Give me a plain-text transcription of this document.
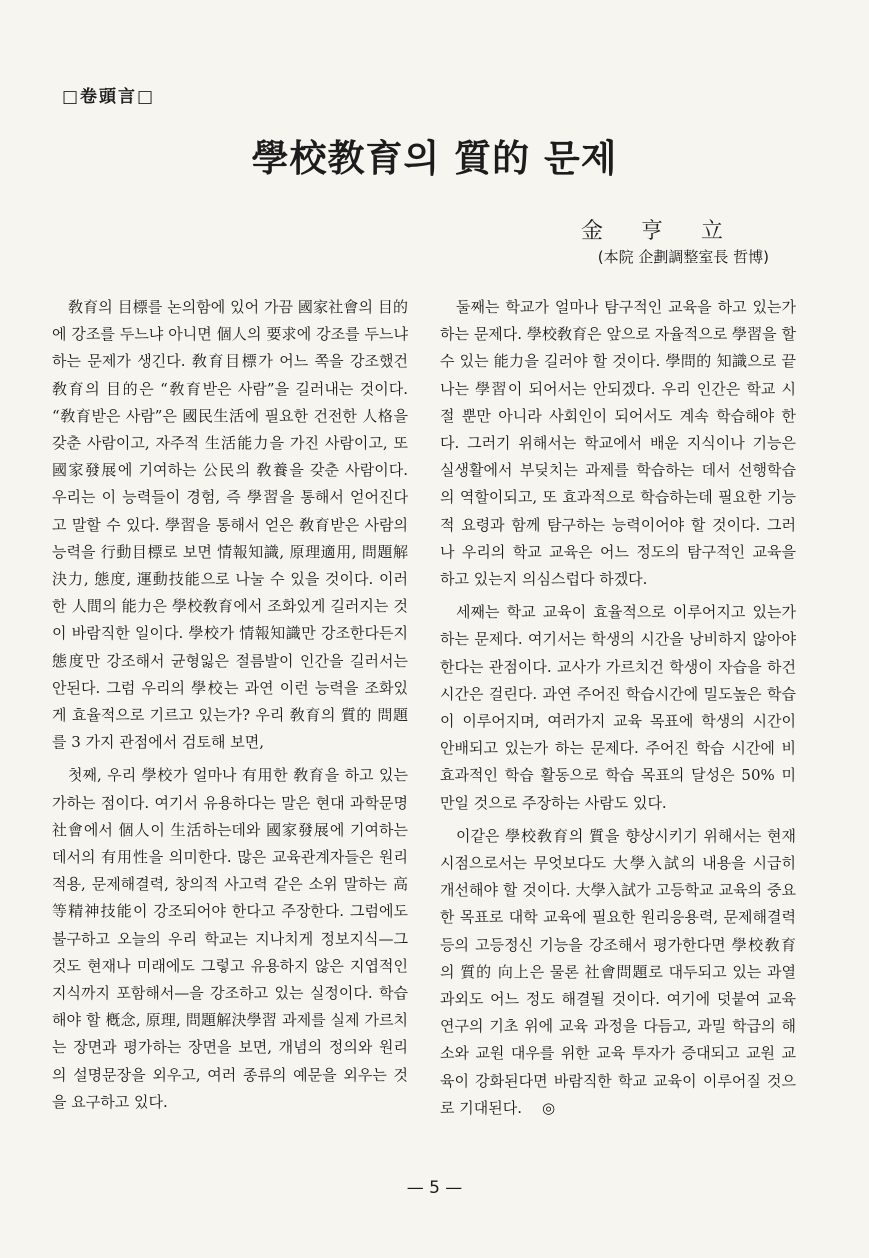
□卷頭言□
學校教育의 質的 문제
金亨立
(本院 企劃調整室長 哲博)

敎育의 目標를 논의함에 있어 가끔 國家社會의 目的에 강조를 두느냐 아니면 個人의 要求에 강조를 두느냐 하는 문제가 생긴다. 敎育目標가 어느 쪽을 강조했건 敎育의 目的은 “敎育받은 사람”을 길러내는 것이다. “敎育받은 사람”은 國民生活에 필요한 건전한 人格을 갖춘 사람이고, 자주적 生活能力을 가진 사람이고, 또 國家發展에 기여하는 公民의 敎養을 갖춘 사람이다. 우리는 이 능력들이 경험, 즉 學習을 통해서 얻어진다고 말할 수 있다. 學習을 통해서 얻은 敎育받은 사람의 능력을 行動目標로 보면 情報知識, 原理適用, 問題解決力, 態度, 運動技能으로 나눌 수 있을 것이다. 이러한 人間의 能力은 學校敎育에서 조화있게 길러지는 것이 바람직한 일이다. 學校가 情報知識만 강조한다든지 態度만 강조해서 균형잃은 절름발이 인간을 길러서는 안된다. 그럼 우리의 學校는 과연 이런 능력을 조화있게 효율적으로 기르고 있는가? 우리 敎育의 質的 問題를 3 가지 관점에서 검토해 보면,

첫째, 우리 學校가 얼마나 有用한 敎育을 하고 있는가하는 점이다. 여기서 유용하다는 말은 현대 과학문명 社會에서 個人이 生活하는데와 國家發展에 기여하는데서의 有用性을 의미한다. 많은 교육관계자들은 원리적용, 문제해결력, 창의적 사고력 같은 소위 말하는 高等精神技能이 강조되어야 한다고 주장한다. 그럼에도 불구하고 오늘의 우리 학교는 지나치게 정보지식—그것도 현재나 미래에도 그렇고 유용하지 않은 지엽적인 지식까지 포함해서—을 강조하고 있는 실정이다. 학습해야 할 槪念, 原理, 問題解決學習 과제를 실제 가르치는 장면과 평가하는 장면을 보면, 개념의 정의와 원리의 설명문장을 외우고, 여러 종류의 예문을 외우는 것을 요구하고 있다.

둘째는 학교가 얼마나 탐구적인 교육을 하고 있는가하는 문제다. 學校敎育은 앞으로 자율적으로 學習을 할 수 있는 能力을 길러야 할 것이다. 學問的 知識으로 끝나는 學習이 되어서는 안되겠다. 우리 인간은 학교 시절 뿐만 아니라 사회인이 되어서도 계속 학습해야 한다. 그러기 위해서는 학교에서 배운 지식이나 기능은 실생활에서 부딪치는 과제를 학습하는 데서 선행학습의 역할이되고, 또 효과적으로 학습하는데 필요한 기능적 요령과 함께 탐구하는 능력이어야 할 것이다. 그러나 우리의 학교 교육은 어느 정도의 탐구적인 교육을 하고 있는지 의심스럽다 하겠다.

세째는 학교 교육이 효율적으로 이루어지고 있는가하는 문제다. 여기서는 학생의 시간을 낭비하지 않아야 한다는 관점이다. 교사가 가르치건 학생이 자습을 하건 시간은 걸린다. 과연 주어진 학습시간에 밀도높은 학습이 이루어지며, 여러가지 교육 목표에 학생의 시간이 안배되고 있는가 하는 문제다. 주어진 학습 시간에 비효과적인 학습 활동으로 학습 목표의 달성은 50% 미만일 것으로 주장하는 사람도 있다.

이같은 學校敎育의 質을 향상시키기 위해서는 현재 시점으로서는 무엇보다도 大學入試의 내용을 시급히 개선해야 할 것이다. 大學入試가 고등학교 교육의 중요한 목표로 대학 교육에 필요한 원리응용력, 문제해결력 등의 고등정신 기능을 강조해서 평가한다면 學校敎育의 質的 向上은 물론 社會問題로 대두되고 있는 과열과외도 어느 정도 해결될 것이다. 여기에 덧붙여 교육연구의 기초 위에 교육 과정을 다듬고, 과밀 학급의 해소와 교원 대우를 위한 교육 투자가 증대되고 교원 교육이 강화된다면 바람직한 학교 교육이 이루어질 것으로 기대된다. ◎

— 5 —
